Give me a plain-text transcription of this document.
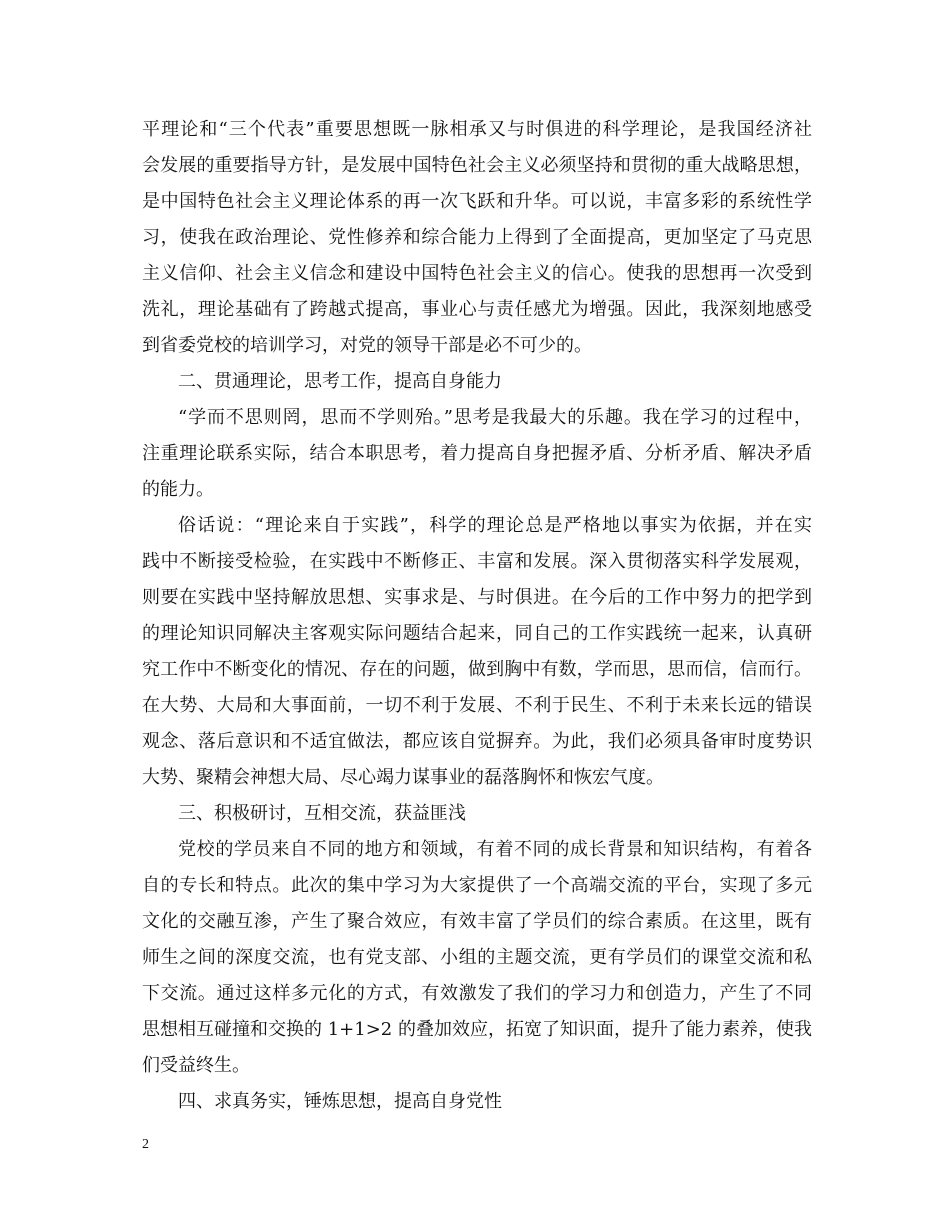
平理论和“三个代表”重要思想既一脉相承又与时俱进的科学理论，是我国经济社
会发展的重要指导方针，是发展中国特色社会主义必须坚持和贯彻的重大战略思想，
是中国特色社会主义理论体系的再一次飞跃和升华。可以说，丰富多彩的系统性学
习，使我在政治理论、党性修养和综合能力上得到了全面提高，更加坚定了马克思
主义信仰、社会主义信念和建设中国特色社会主义的信心。使我的思想再一次受到
洗礼，理论基础有了跨越式提高，事业心与责任感尤为增强。因此，我深刻地感受
到省委党校的培训学习，对党的领导干部是必不可少的。
二、贯通理论，思考工作，提高自身能力
“学而不思则罔，思而不学则殆。”思考是我最大的乐趣。我在学习的过程中，
注重理论联系实际，结合本职思考，着力提高自身把握矛盾、分析矛盾、解决矛盾
的能力。
俗话说：“理论来自于实践”，科学的理论总是严格地以事实为依据，并在实
践中不断接受检验，在实践中不断修正、丰富和发展。深入贯彻落实科学发展观，
则要在实践中坚持解放思想、实事求是、与时俱进。在今后的工作中努力的把学到
的理论知识同解决主客观实际问题结合起来，同自己的工作实践统一起来，认真研
究工作中不断变化的情况、存在的问题，做到胸中有数，学而思，思而信，信而行。
在大势、大局和大事面前，一切不利于发展、不利于民生、不利于未来长远的错误
观念、落后意识和不适宜做法，都应该自觉摒弃。为此，我们必须具备审时度势识
大势、聚精会神想大局、尽心竭力谋事业的磊落胸怀和恢宏气度。
三、积极研讨，互相交流，获益匪浅
党校的学员来自不同的地方和领域，有着不同的成长背景和知识结构，有着各
自的专长和特点。此次的集中学习为大家提供了一个高端交流的平台，实现了多元
文化的交融互渗，产生了聚合效应，有效丰富了学员们的综合素质。在这里，既有
师生之间的深度交流，也有党支部、小组的主题交流，更有学员们的课堂交流和私
下交流。通过这样多元化的方式，有效激发了我们的学习力和创造力，产生了不同
思想相互碰撞和交换的 1+1>2 的叠加效应，拓宽了知识面，提升了能力素养，使我
们受益终生。
四、求真务实，锤炼思想，提高自身党性
2
